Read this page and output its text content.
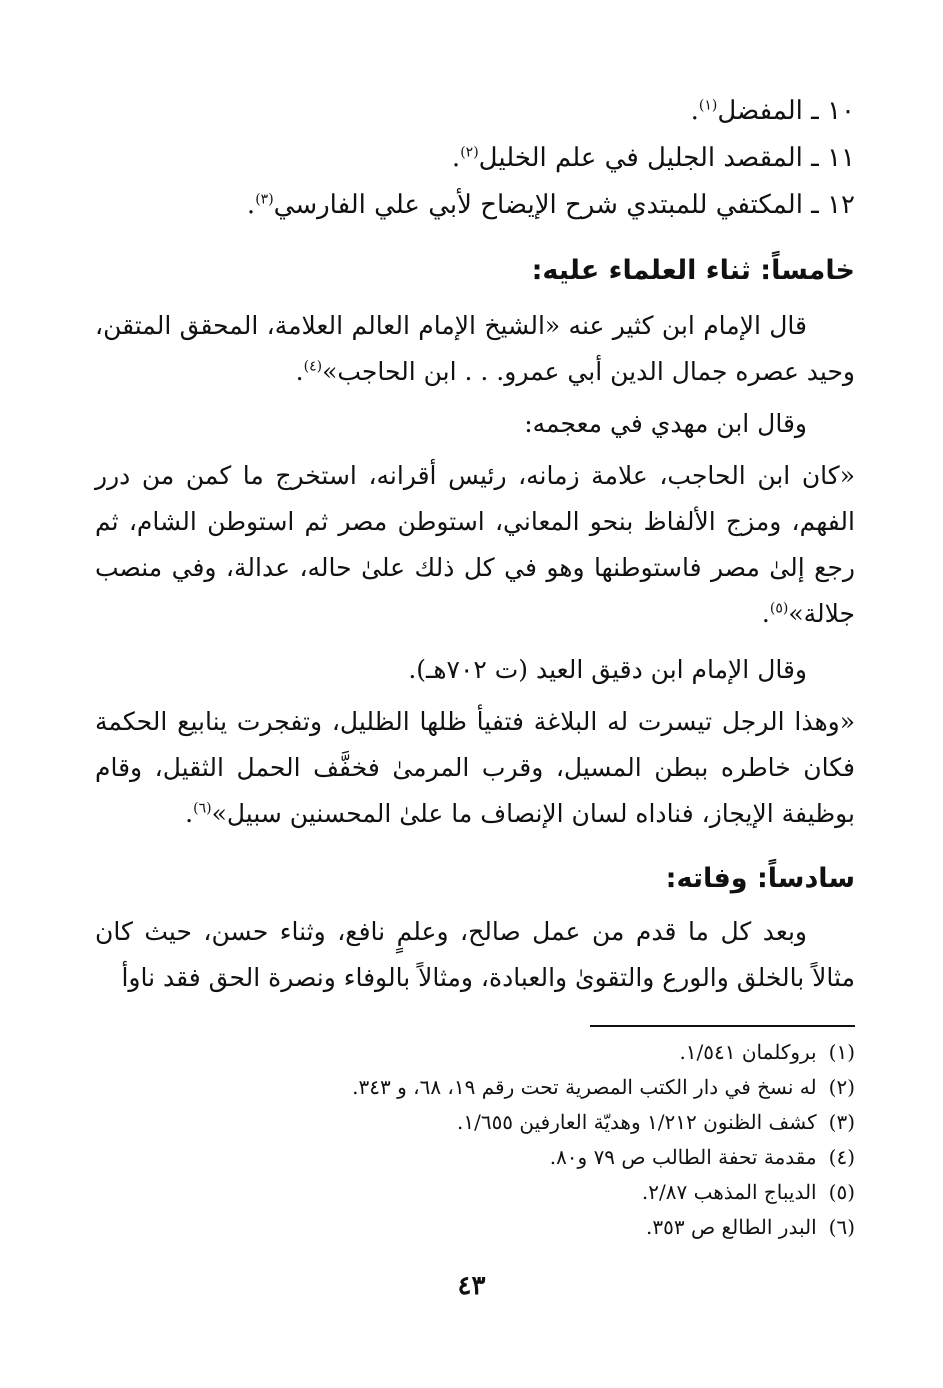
١٠ ـ المفضل$^{(١)}$.
١١ ـ المقصد الجليل في علم الخليل$^{(٢)}$.
١٢ ـ المكتفي للمبتدي شرح الإيضاح لأبي علي الفارسي$^{(٣)}$.
خامساً: ثناء العلماء عليه:
قال الإمام ابن كثير عنه «الشيخ الإمام العالم العلامة، المحقق المتقن، وحيد عصره جمال الدين أبي عمرو. . . ابن الحاجب»$^{(٤)}$.
وقال ابن مهدي في معجمه:
«كان ابن الحاجب، علامة زمانه، رئيس أقرانه، استخرج ما كمن من درر الفهم، ومزج الألفاظ بنحو المعاني، استوطن مصر ثم استوطن الشام، ثم رجع إلىٰ مصر فاستوطنها وهو في كل ذلك علىٰ حاله، عدالة، وفي منصب جلالة»$^{(٥)}$.
وقال الإمام ابن دقيق العيد (ت ٧٠٢هـ).
«وهذا الرجل تيسرت له البلاغة فتفيأ ظلها الظليل، وتفجرت ينابيع الحكمة فكان خاطره ببطن المسيل، وقرب المرمىٰ فخفَّف الحمل الثقيل، وقام بوظيفة الإيجاز، فناداه لسان الإنصاف ما علىٰ المحسنين سبيل»$^{(٦)}$.
سادساً: وفاته:
وبعد كل ما قدم من عمل صالح، وعلمٍ نافع، وثناء حسن، حيث كان مثالاً بالخلق والورع والتقوىٰ والعبادة، ومثالاً بالوفاء ونصرة الحق فقد ناوأ
(١)بروكلمان ١/٥٤١.
(٢)له نسخ في دار الكتب المصرية تحت رقم ١٩، ٦٨، و ٣٤٣.
(٣)كشف الظنون ١/٢١٢ وهديّة العارفين ١/٦٥٥.
(٤)مقدمة تحفة الطالب ص ٧٩ و٨٠.
(٥)الديباج المذهب ٢/٨٧.
(٦)البدر الطالع ص ٣٥٣.
٤٣
